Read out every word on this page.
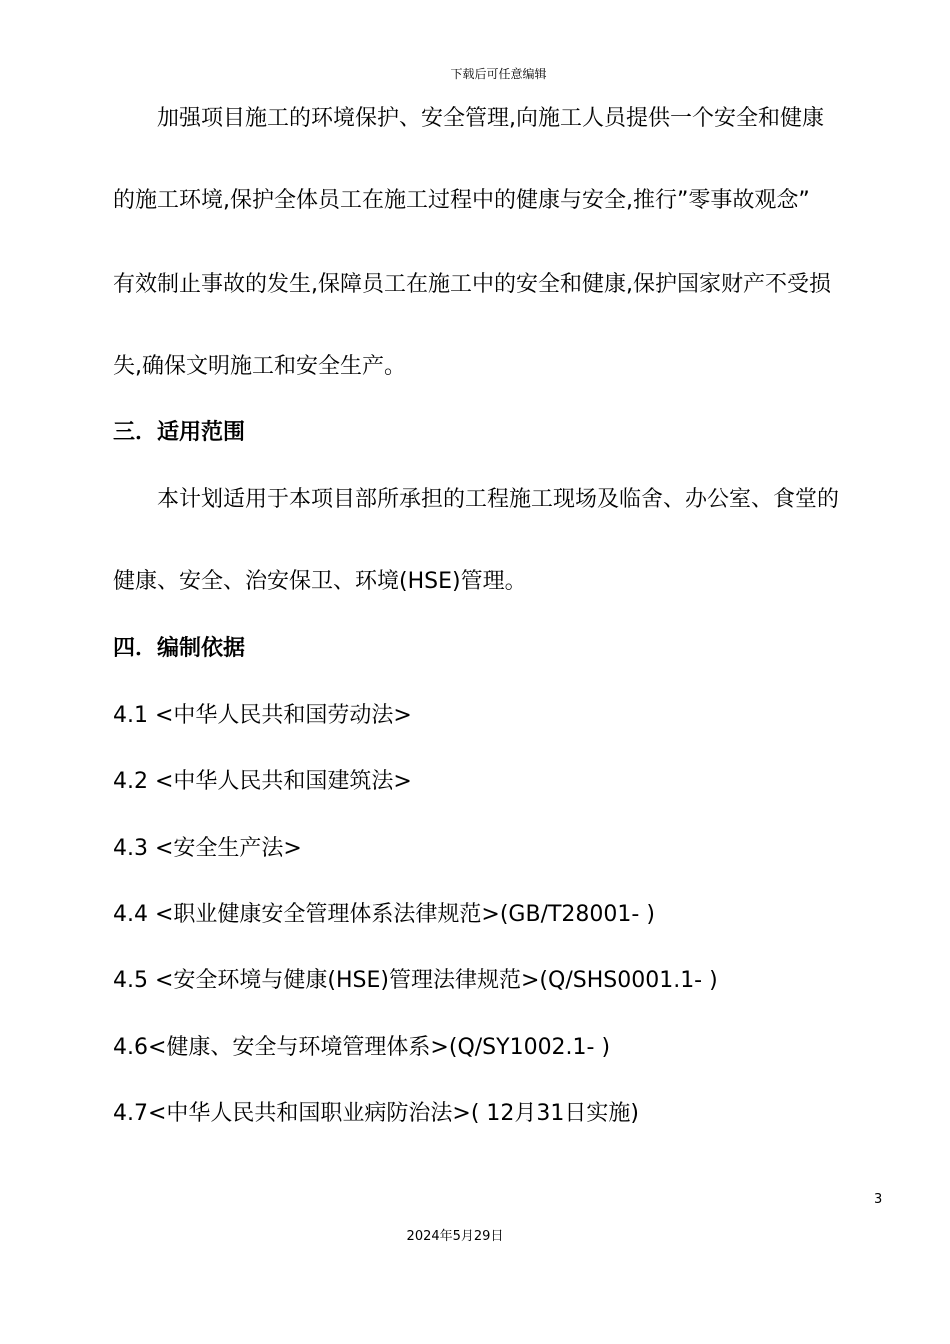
下载后可任意编辑
加强项目施工的环境保护、安全管理,向施工人员提供一个安全和健康
的施工环境,保护全体员工在施工过程中的健康与安全,推行”零事故观念”
有效制止事故的发生,保障员工在施工中的安全和健康,保护国家财产不受损
失,确保文明施工和安全生产。
三．适用范围
本计划适用于本项目部所承担的工程施工现场及临舍、办公室、食堂的
健康、安全、治安保卫、环境(HSE)管理。
四．编制依据
4.1 <中华人民共和国劳动法>
4.2 <中华人民共和国建筑法>
4.3 <安全生产法>
4.4 <职业健康安全管理体系法律规范>(GB/T28001- )
4.5 <安全环境与健康(HSE)管理法律规范>(Q/SHS0001.1- )
4.6<健康、安全与环境管理体系>(Q/SY1002.1- )
4.7<中华人民共和国职业病防治法>( 12月31日实施)
3
2024年5月29日
